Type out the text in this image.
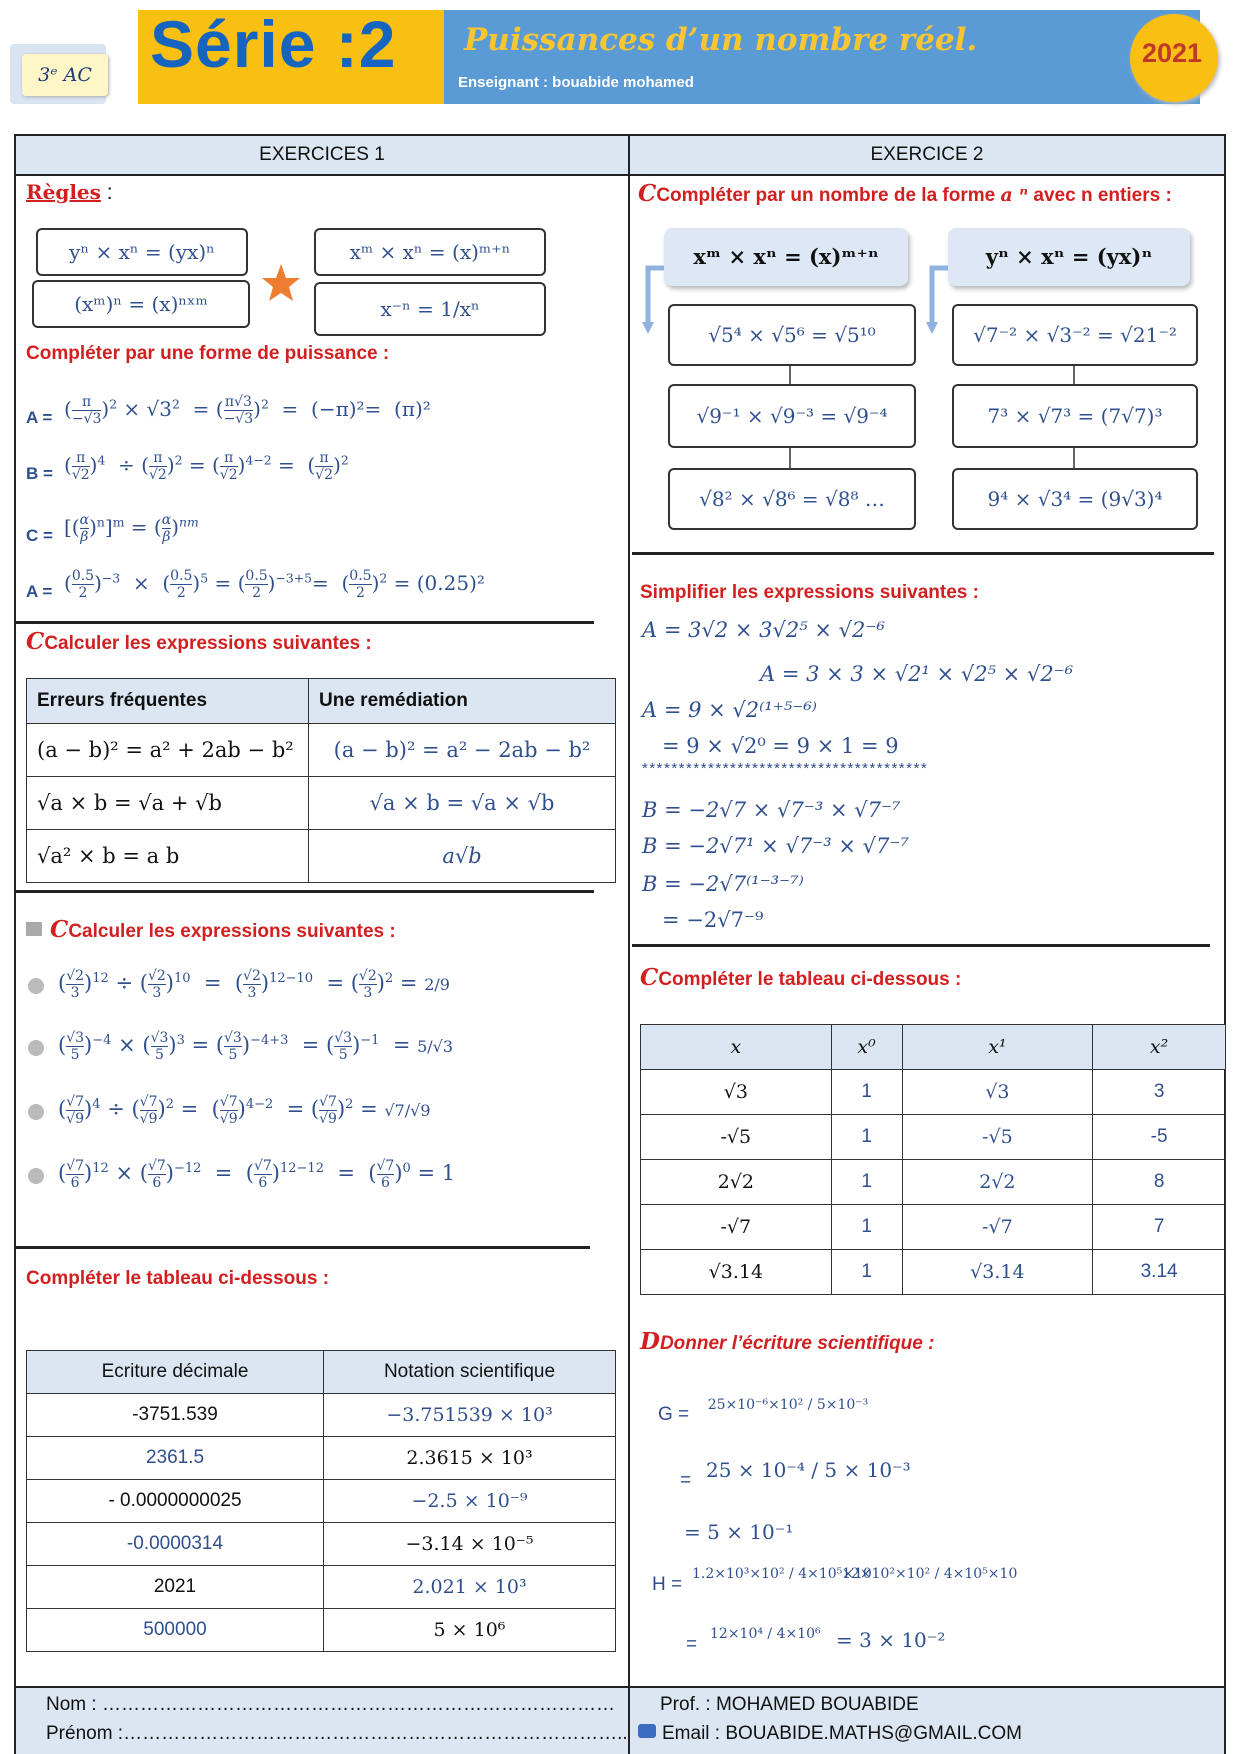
3ᵉ AC Série :2 Puissances d’un nombre réel.
Enseignant : bouabide mohamed
2021
EXERCICES 1	EXERCICE 2
Règles :
yⁿ × xⁿ = (yx)ⁿ
(xᵐ)ⁿ = (x)ⁿˣᵐ
xᵐ × xⁿ = (x)ᵐ⁺ⁿ
x⁻ⁿ = 1/xⁿ
Compléter par une forme de puissance :
A = ( π
$-√3)^2 \times √3^2$  = ( π√3
−√3)$^2$  =  (−π)²=  (π)²
B = ( π
√2)$^4$  ÷ ( π
√2)$^2$ = ( π
√2)$^{4-2}$ =  ( π
√2)$^2$
C = [( α
β)$^n$]$^m$ = ( α
β)$^{nm}$
A = ( 0.5
2 )$^{-3}$  ×  ( 0.5
2 )$^5$ = ( 0.5
2 )$^{-3+5}$=  ( 0.5
2 )$^2$ = (0.25)²
CCalculer les expressions suivantes :
Erreurs fréquentes	Une remédiation
(a − b)² = a² + 2ab − b²	(a − b)² = a² − 2ab − b²
√a × b = √a + √b	√a × b = √a × √b
√a² × b = a b	a√b
CCalculer les expressions suivantes :
( √2
3 )$^{12}$ ÷ ( √2
3 )$^{10}$  =  ( √2
3 )$^{12-10}$  = ( √2
3 )$^2$ = 2/9
( √3
5 )$^{-4}$ × ( √3
5 )$^3$ = ( √3
5 )$^{-4+3}$  = ( √3
5 )$^{-1}$  = 5/√3
( √7
√9)$^4$ ÷ ( √7
√9)$^2$ =  ( √7
√9)$^{4-2}$  = ( √7
√9)$^2$ = √7/√9
( √7
6 )$^{12}$ × ( √7
6 )$^{-12}$  =  ( √7
6 )$^{12-12}$  =  ( √7
6 )$^0$ = 1
Compléter le tableau ci-dessous :
Ecriture décimale	Notation scientifique
-3751.539	−3.751539 × 10³
2361.5	2.3615 × 10³
- 0.0000000025	−2.5 × 10⁻⁹
-0.0000314	−3.14 × 10⁻⁵
2021	2.021 × 10³
500000	5 × 10⁶
Nom : ………………………………………………………………………
Prénom :……………………………………………………………………..
CCompléter par un nombre de la forme a ⁿ avec n entiers :
xᵐ × xⁿ = (x)ᵐ⁺ⁿ	yⁿ × xⁿ = (yx)ⁿ
√5⁴ × √5⁶ = √5¹⁰
√9⁻¹ × √9⁻³ = √9⁻⁴
√8² × √8⁶ = √8⁸ …
√7⁻² × √3⁻² = √21⁻²
7³ × √7³ = (7√7)³
9⁴ × √3⁴ = (9√3)⁴
Simplifier les expressions suivantes :
A = 3√2 × 3√2⁵ × √2⁻⁶
A = 3 × 3 × √2¹ × √2⁵ × √2⁻⁶
A = 9 × √2⁽¹⁺⁵⁻⁶⁾
= 9 × √2⁰ = 9 × 1 = 9
***************************************
B = −2√7 × √7⁻³ × √7⁻⁷
B = −2√7¹ × √7⁻³ × √7⁻⁷
B = −2√7⁽¹⁻³⁻⁷⁾
= −2√7⁻⁹
CCompléter le tableau ci-dessous :
x	x⁰	x¹	x²
√3	1	√3	3
-√5	1	-√5	-5
2√2	1	2√2	8
-√7	1	-√7	7
√3.14	1	√3.14	3.14
DDonner l’écriture scientifique :
G =	25×10⁻⁶×10² / 5×10⁻³
= 25 × 10⁻⁴ / 5 × 10⁻³
= 5 × 10⁻¹
H = 1.2×10³×10² / 4×10⁵×10
12×10²×10² / 4×10⁵×10
= 12×10⁴ / 4×10⁶ = 3 × 10⁻²
Prof. : MOHAMED BOUABIDE
Email : BOUABIDE.MATHS@GMAIL.COM
